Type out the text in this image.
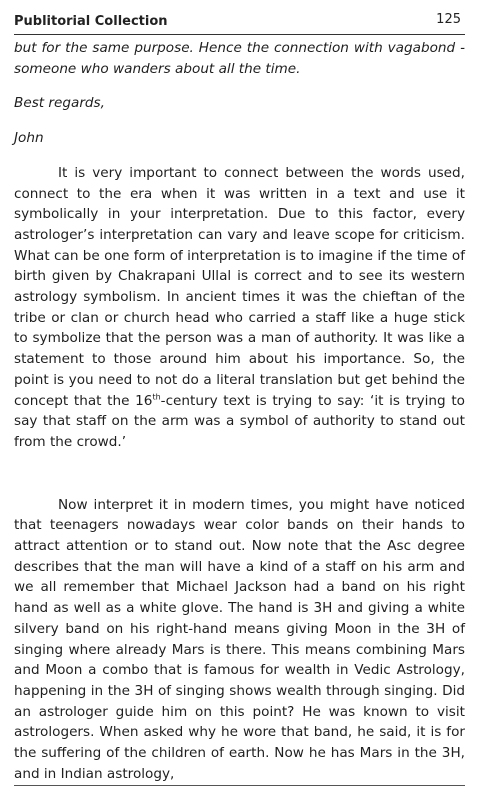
Publitorial Collection	125

but for the same purpose. Hence the connection with vagabond - someone who wanders about all the time.

Best regards,

John

It is very important to connect between the words used, connect to the era when it was written in a text and use it symbolically in your interpretation. Due to this factor, every astrologer’s interpretation can vary and leave scope for criticism. What can be one form of interpretation is to imagine if the time of birth given by Chakrapani Ullal is correct and to see its western astrology symbolism. In ancient times it was the chieftan of the tribe or clan or church head who carried a staff like a huge stick to symbolize that the person was a man of authority. It was like a statement to those around him about his importance. So, the point is you need to not do a literal translation but get behind the concept that the 16th-century text is trying to say: ‘it is trying to say that staff on the arm was a symbol of authority to stand out from the crowd.’

Now interpret it in modern times, you might have noticed that teenagers nowadays wear color bands on their hands to attract attention or to stand out. Now note that the Asc degree describes that the man will have a kind of a staff on his arm and we all remember that Michael Jackson had a band on his right hand as well as a white glove. The hand is 3H and giving a white silvery band on his right-hand means giving Moon in the 3H of singing where already Mars is there. This means combining Mars and Moon a combo that is famous for wealth in Vedic Astrology, happening in the 3H of singing shows wealth through singing. Did an astrologer guide him on this point? He was known to visit astrologers. When asked why he wore that band, he said, it is for the suffering of the children of earth. Now he has Mars in the 3H, and in Indian astrology,
